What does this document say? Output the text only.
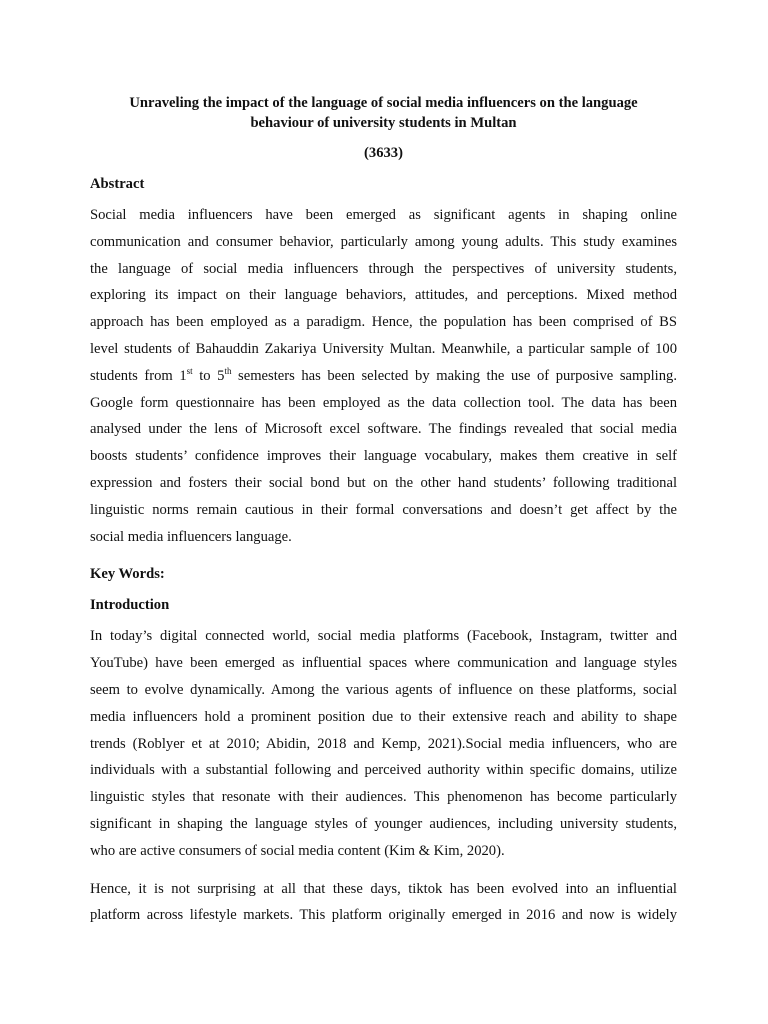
Unraveling the impact of the language of social media influencers on the language
behaviour of university students in Multan

(3633)

Abstract

Social media influencers have been emerged as significant agents in shaping online
communication and consumer behavior, particularly among young adults. This study examines
the language of social media influencers through the perspectives of university students,
exploring its impact on their language behaviors, attitudes, and perceptions. Mixed method
approach has been employed as a paradigm. Hence, the population has been comprised of BS
level students of Bahauddin Zakariya University Multan. Meanwhile, a particular sample of 100
students from 1st to 5th semesters has been selected by making the use of purposive sampling.
Google form questionnaire has been employed as the data collection tool. The data has been
analysed under the lens of Microsoft excel software. The findings revealed that social media
boosts students’ confidence improves their language vocabulary, makes them creative in self
expression and fosters their social bond but on the other hand students’ following traditional
linguistic norms remain cautious in their formal conversations and doesn’t get affect by the
social media influencers language.

Key Words:

Introduction

In today’s digital connected world, social media platforms (Facebook, Instagram, twitter and
YouTube) have been emerged as influential spaces where communication and language styles
seem to evolve dynamically. Among the various agents of influence on these platforms, social
media influencers hold a prominent position due to their extensive reach and ability to shape
trends (Roblyer et at 2010; Abidin, 2018 and Kemp, 2021).Social media influencers, who are
individuals with a substantial following and perceived authority within specific domains, utilize
linguistic styles that resonate with their audiences. This phenomenon has become particularly
significant in shaping the language styles of younger audiences, including university students,
who are active consumers of social media content (Kim & Kim, 2020).
Hence, it is not surprising at all that these days, tiktok has been evolved into an influential
platform across lifestyle markets. This platform originally emerged in 2016 and now is widely
